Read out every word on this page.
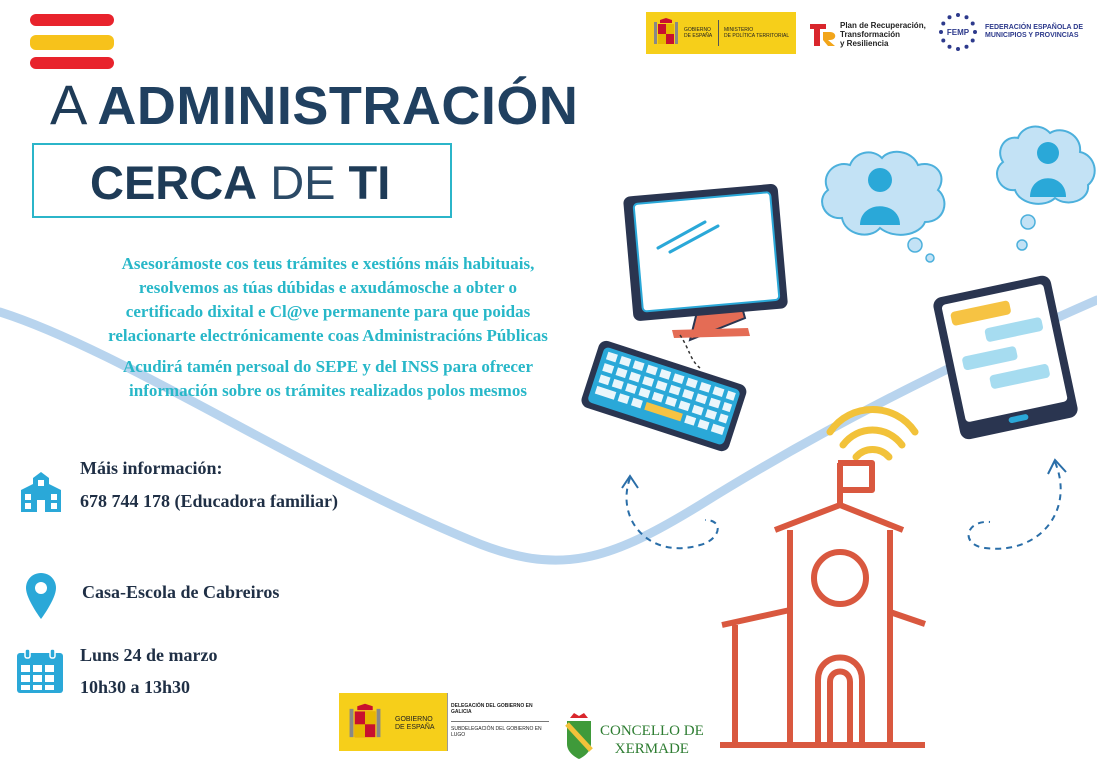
A ADMINISTRACIÓN
CERCA DE TI
Asesorámoste cos teus trámites e xestións máis habituais,
resolvemos as túas dúbidas e axudámosche a obter o
certificado dixital e Cl@ve permanente para que poidas
relacionarte electrónicamente coas Administracións Públicas
Acudirá tamén persoal do SEPE y del INSS para ofrecer
información sobre os trámites realizados polos mesmos
Máis información:
678 744 178 (Educadora familiar)
Casa-Escola de Cabreiros
Luns 24 de marzo
10h30 a 13h30
GOBIERNO
DE ESPAÑA
MINISTERIO
DE POLÍTICA TERRITORIAL
Plan de Recuperación,
Transformación
y Resiliencia
FEMP
FEDERACIÓN ESPAÑOLA DE
MUNICIPIOS Y PROVINCIAS
GOBIERNO
DE ESPAÑA
DELEGACIÓN DEL GOBIERNO EN
GALICIA
SUBDELEGACIÓN DEL GOBIERNO EN
LUGO	CONCELLO DE
XERMADE
